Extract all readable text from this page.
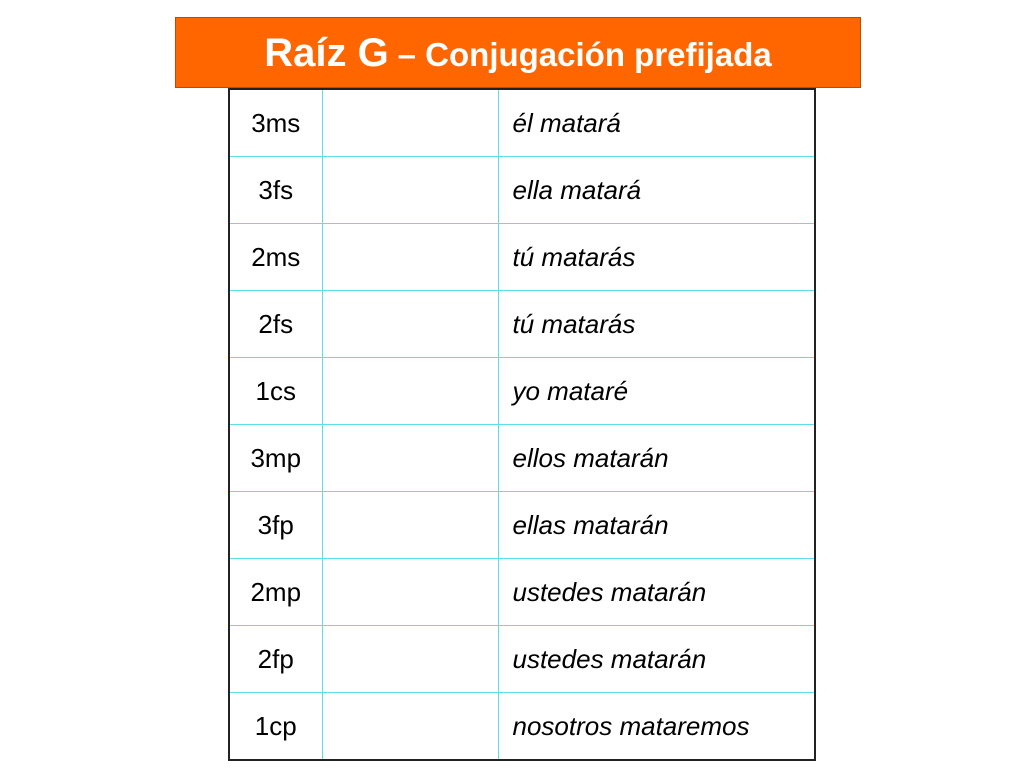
Raíz G – Conjugación prefijada
3ms		él matará
3fs		ella matará
2ms		tú matarás
2fs		tú matarás
1cs		yo mataré
3mp		ellos matarán
3fp		ellas matarán
2mp		ustedes matarán
2fp		ustedes matarán
1cp		nosotros mataremos
